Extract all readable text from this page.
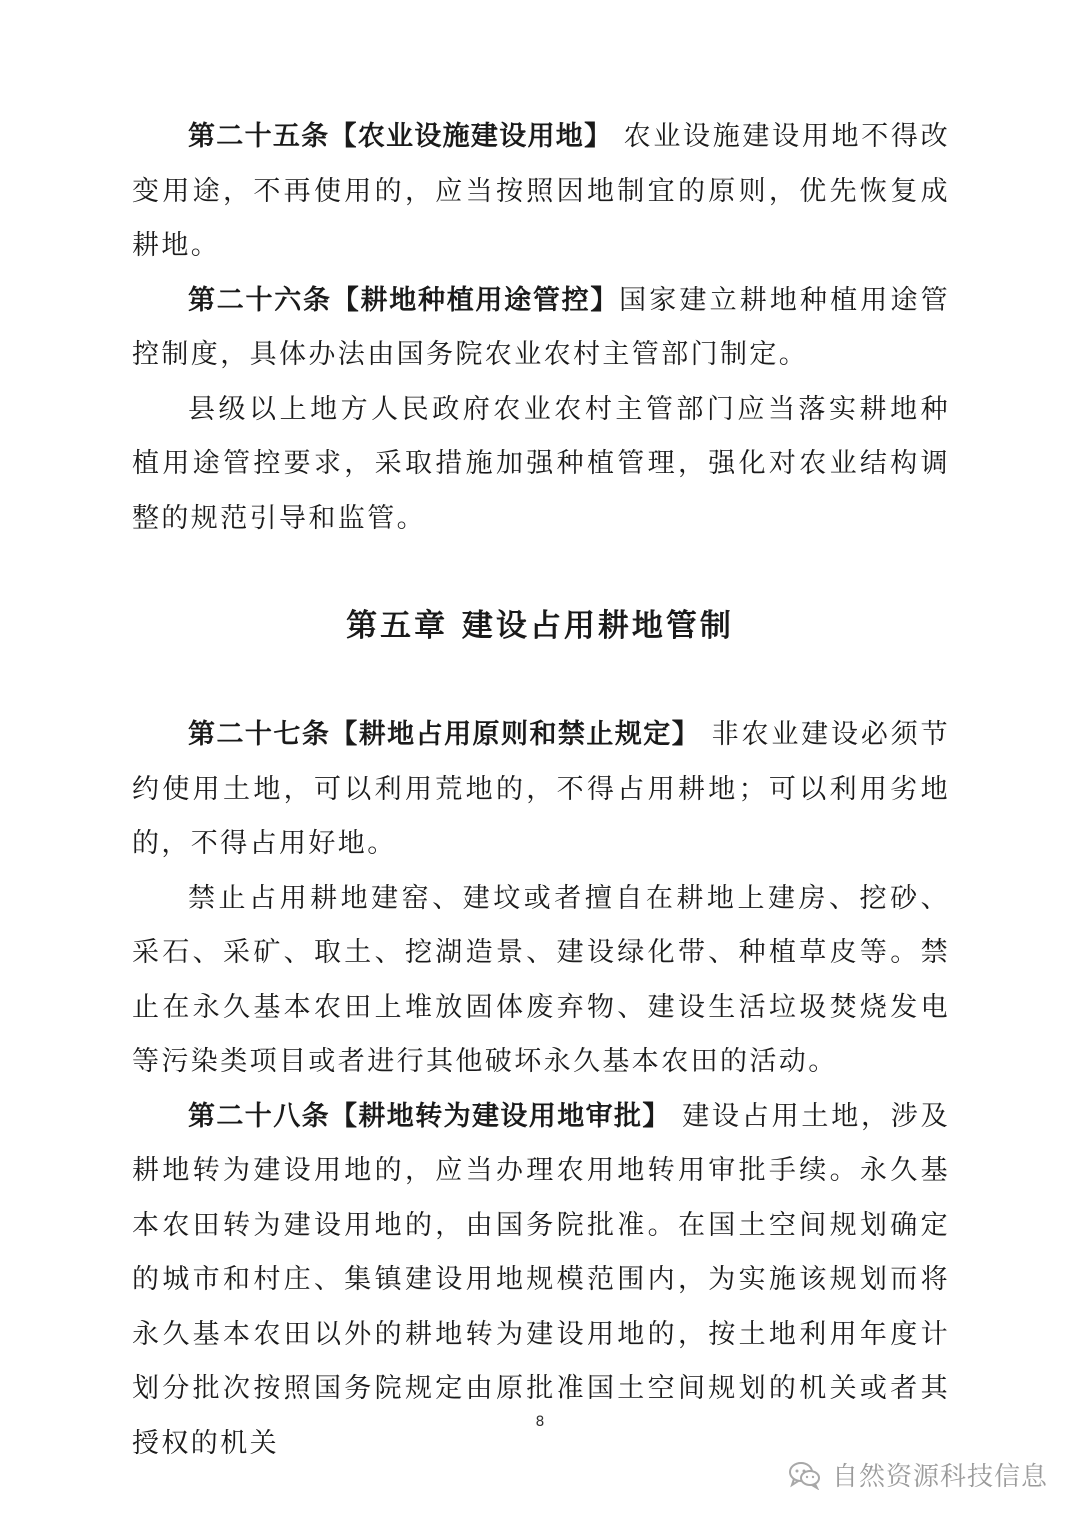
第二十五条【农业设施建设用地】 农业设施建设用地不得改变用途，不再使用的，应当按照因地制宜的原则，优先恢复成耕地。

第二十六条【耕地种植用途管控】国家建立耕地种植用途管控制度，具体办法由国务院农业农村主管部门制定。

县级以上地方人民政府农业农村主管部门应当落实耕地种植用途管控要求，采取措施加强种植管理，强化对农业结构调整的规范引导和监管。

第五章 建设占用耕地管制

第二十七条【耕地占用原则和禁止规定】 非农业建设必须节约使用土地，可以利用荒地的，不得占用耕地；可以利用劣地的，不得占用好地。

禁止占用耕地建窑、建坟或者擅自在耕地上建房、挖砂、采石、采矿、取土、挖湖造景、建设绿化带、种植草皮等。禁止在永久基本农田上堆放固体废弃物、建设生活垃圾焚烧发电等污染类项目或者进行其他破坏永久基本农田的活动。

第二十八条【耕地转为建设用地审批】 建设占用土地，涉及耕地转为建设用地的，应当办理农用地转用审批手续。永久基本农田转为建设用地的，由国务院批准。在国土空间规划确定的城市和村庄、集镇建设用地规模范围内，为实施该规划而将永久基本农田以外的耕地转为建设用地的，按土地利用年度计划分批次按照国务院规定由原批准国土空间规划的机关或者其授权的机关

8
自然资源科技信息
